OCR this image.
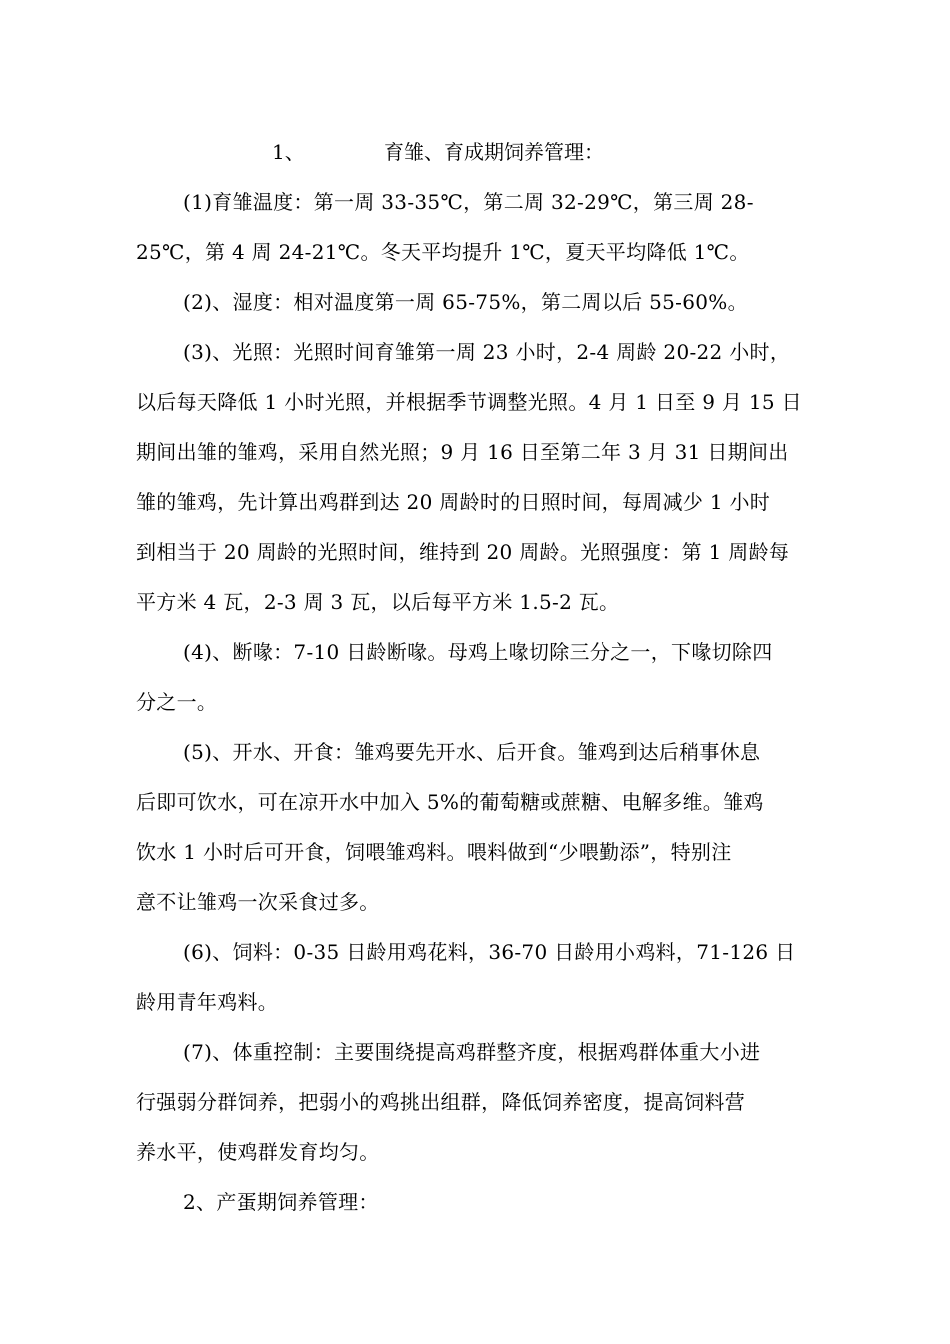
1、	育雏、育成期饲养管理：
(1)育雏温度：第一周 33-35℃，第二周 32-29℃，第三周 28-
25℃，第 4 周 24-21℃。冬天平均提升 1℃，夏天平均降低 1℃。
(2)、湿度：相对温度第一周 65-75%，第二周以后 55-60%。
(3)、光照：光照时间育雏第一周 23 小时，2-4 周龄 20-22 小时，
以后每天降低 1 小时光照，并根据季节调整光照。4 月 1 日至 9 月 15 日
期间出雏的雏鸡，采用自然光照；9 月 16 日至第二年 3 月 31 日期间出
雏的雏鸡，先计算出鸡群到达 20 周龄时的日照时间，每周减少 1 小时
到相当于 20 周龄的光照时间，维持到 20 周龄。光照强度：第 1 周龄每
平方米 4 瓦，2-3 周 3 瓦，以后每平方米 1.5-2 瓦。
(4)、断喙：7-10 日龄断喙。母鸡上喙切除三分之一，下喙切除四
分之一。
(5)、开水、开食：雏鸡要先开水、后开食。雏鸡到达后稍事休息
后即可饮水，可在凉开水中加入 5%的葡萄糖或蔗糖、电解多维。雏鸡
饮水 1 小时后可开食，饲喂雏鸡料。喂料做到“少喂勤添”，特别注
意不让雏鸡一次采食过多。
(6)、饲料：0-35 日龄用鸡花料，36-70 日龄用小鸡料，71-126 日
龄用青年鸡料。
(7)、体重控制：主要围绕提高鸡群整齐度，根据鸡群体重大小进
行强弱分群饲养，把弱小的鸡挑出组群，降低饲养密度，提高饲料营
养水平，使鸡群发育均匀。
2、产蛋期饲养管理：
